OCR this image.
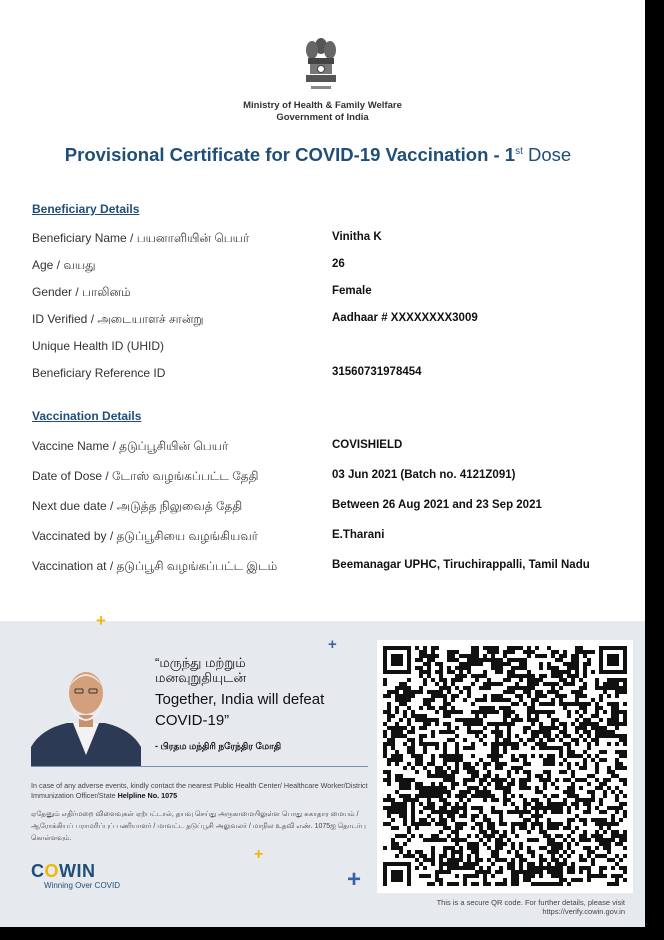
Ministry of Health & Family Welfare
Government of India
Provisional Certificate for COVID-19 Vaccination - 1st Dose
Beneficiary Details
Beneficiary Name / பயனாளியின் பெயர்	Vinitha K
Age / வயது	26
Gender / பாலினம்	Female
ID Verified / அடையாளச் சான்று	Aadhaar # XXXXXXXX3009
Unique Health ID (UHID)
Beneficiary Reference ID	31560731978454
Vaccination Details
Vaccine Name / தடுப்பூசியின் பெயர்	COVISHIELD
Date of Dose / டோஸ் வழங்கப்பட்ட தேதி	03 Jun 2021 (Batch no. 4121Z091)
Next due date / அடுத்த நிலுவைத் தேதி	Between 26 Aug 2021 and 23 Sep 2021
Vaccinated by / தடுப்பூசியை வழங்கியவர்	E.Tharani
Vaccination at / தடுப்பூசி வழங்கப்பட்ட இடம்	Beemanagar UPHC, Tiruchirappalli, Tamil Nadu
+
+
+
+
“மருந்து மற்றும்
மனவுறுதியுடன்
Together, India will defeat COVID-19”
- பிரதம மந்திரி நரேந்திர மோதி
In case of any adverse events, kindly contact the nearest Public Health Center/ Healthcare Worker/District Immunization Officer/State Helpline No. 1075
ஏதேனும் எதிர்மறை விளைவுகள் ஏற்பட்டால், தயவு செய்து அருகாமையிலுள்ள பொது சுகாதார மையம் / ஆரோக்கியப் பராமரிப்புப் பணியாளர் / மாவட்ட தடுப்பூசி அலுவலர் / மாநில உதவி எண். 1075ஐ தொடர்பு கொள்ளவும்.
COWIN
Winning Over COVID
This is a secure QR code. For further details, please visit
https://verify.cowin.gov.in
